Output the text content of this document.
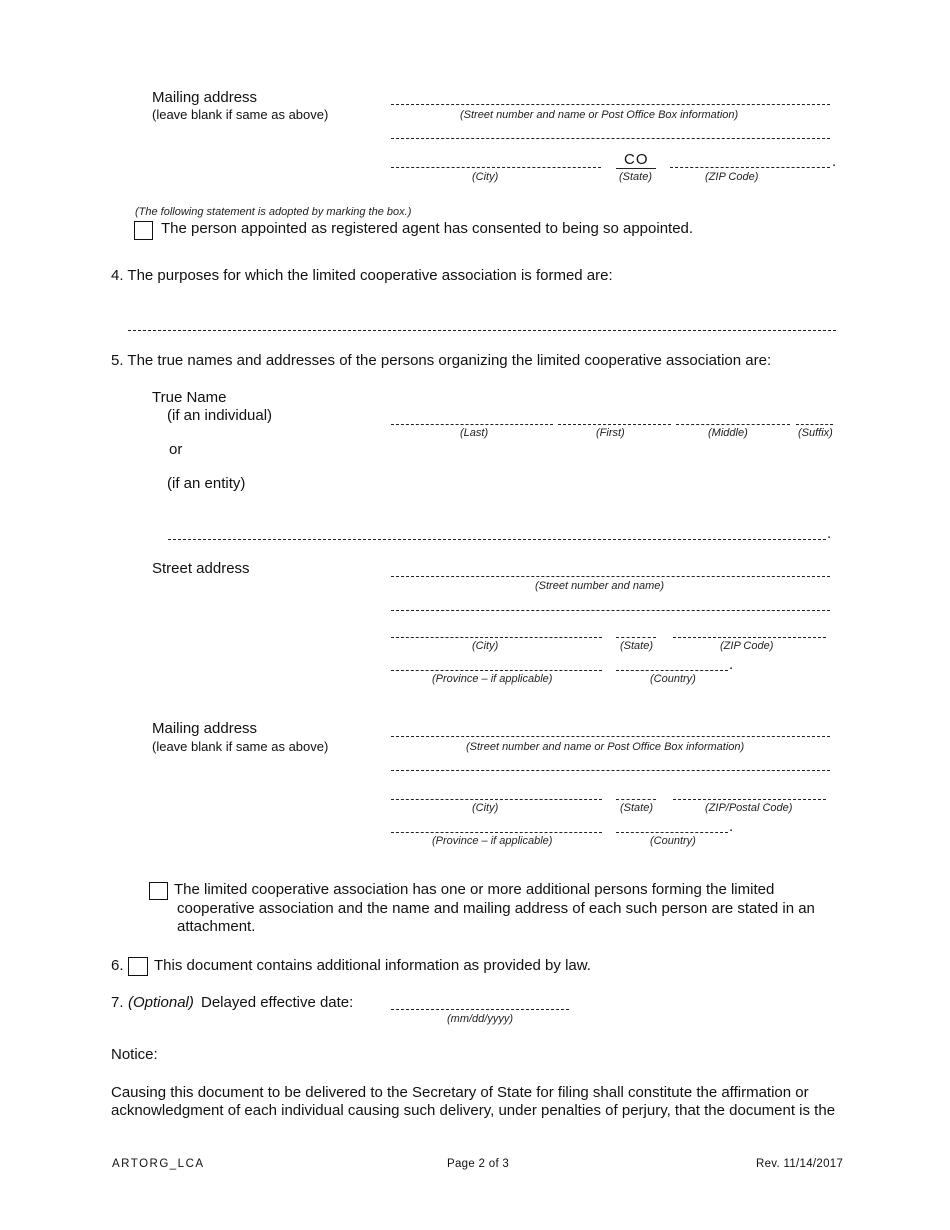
Mailing address
(leave blank if same as above)	(Street number and name or Post Office Box information)
CO	.
(City)	(State)	(ZIP Code)
(The following statement is adopted by marking the box.)
The person appointed as registered agent has consented to being so appointed.
4. The purposes for which the limited cooperative association is formed are:
5. The true names and addresses of the persons organizing the limited cooperative association are:
True Name
(if an individual)
or
(if an entity)
(Last)	(First)	(Middle)	(Suffix)
.
Street address
(Street number and name)
(City)	(State)	(ZIP Code)
.
(Province – if applicable)	(Country)
Mailing address
(leave blank if same as above)	(Street number and name or Post Office Box information)
(City)	(State)	(ZIP/Postal Code)
.
(Province – if applicable)	(Country)
The limited cooperative association has one or more additional persons forming the limited
cooperative association and the name and mailing address of each such person are stated in an
attachment.
6. This document contains additional information as provided by law.
7. (Optional) Delayed effective date:
(mm/dd/yyyy)
Notice:
Causing this document to be delivered to the Secretary of State for filing shall constitute the affirmation or
acknowledgment of each individual causing such delivery, under penalties of perjury, that the document is the
ARTORG_LCA	Page 2 of 3	Rev. 11/14/2017
